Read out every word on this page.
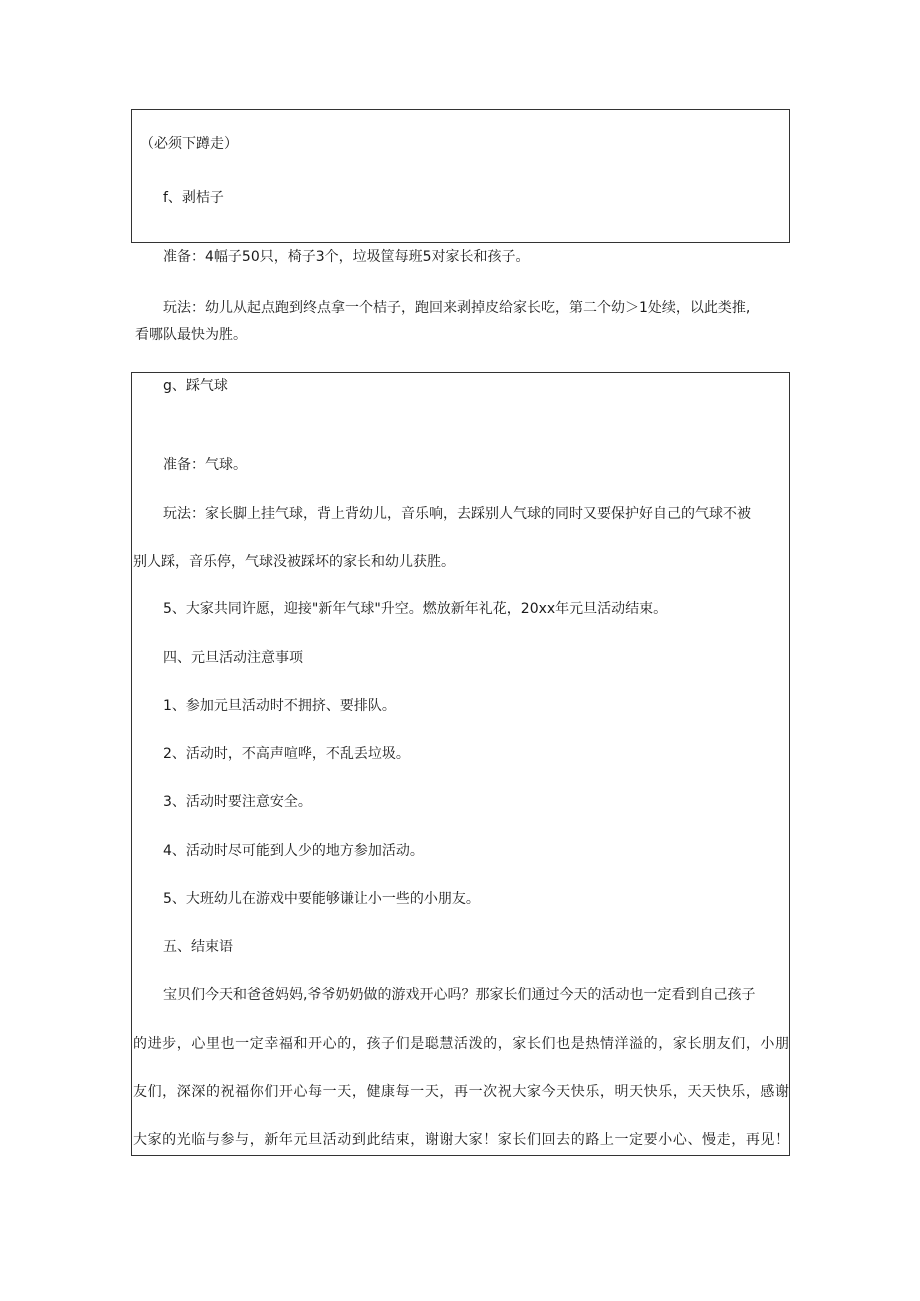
（必须下蹲走）
f、剥桔子
准备：4幅子50只，椅子3个，垃圾筐每班5对家长和孩子。
玩法：幼儿从起点跑到终点拿一个桔子，跑回来剥掉皮给家长吃，第二个幼＞1处续，以此类推,
看哪队最快为胜。
g、踩气球
准备：气球。
玩法：家长脚上挂气球，背上背幼儿，音乐响，去踩别人气球的同时又要保护好自己的气球不被
别人踩，音乐停，气球没被踩坏的家长和幼儿获胜。
5、大家共同许愿，迎接"新年气球"升空。燃放新年礼花，20xx年元旦活动结束。
四、元旦活动注意事项
1、参加元旦活动时不拥挤、要排队。
2、活动时，不高声喧哗，不乱丢垃圾。
3、活动时要注意安全。
4、活动时尽可能到人少的地方参加活动。
5、大班幼儿在游戏中要能够谦让小一些的小朋友。
五、结束语
宝贝们今天和爸爸妈妈,爷爷奶奶做的游戏开心吗？那家长们通过今天的活动也一定看到自己孩子
的进步，心里也一定幸福和开心的，孩子们是聪慧活泼的，家长们也是热情洋溢的，家长朋友们，小朋
友们，深深的祝福你们开心每一天，健康每一天，再一次祝大家今天快乐，明天快乐，天天快乐，感谢
大家的光临与参与，新年元旦活动到此结束，谢谢大家！家长们回去的路上一定要小心、慢走，再见！
